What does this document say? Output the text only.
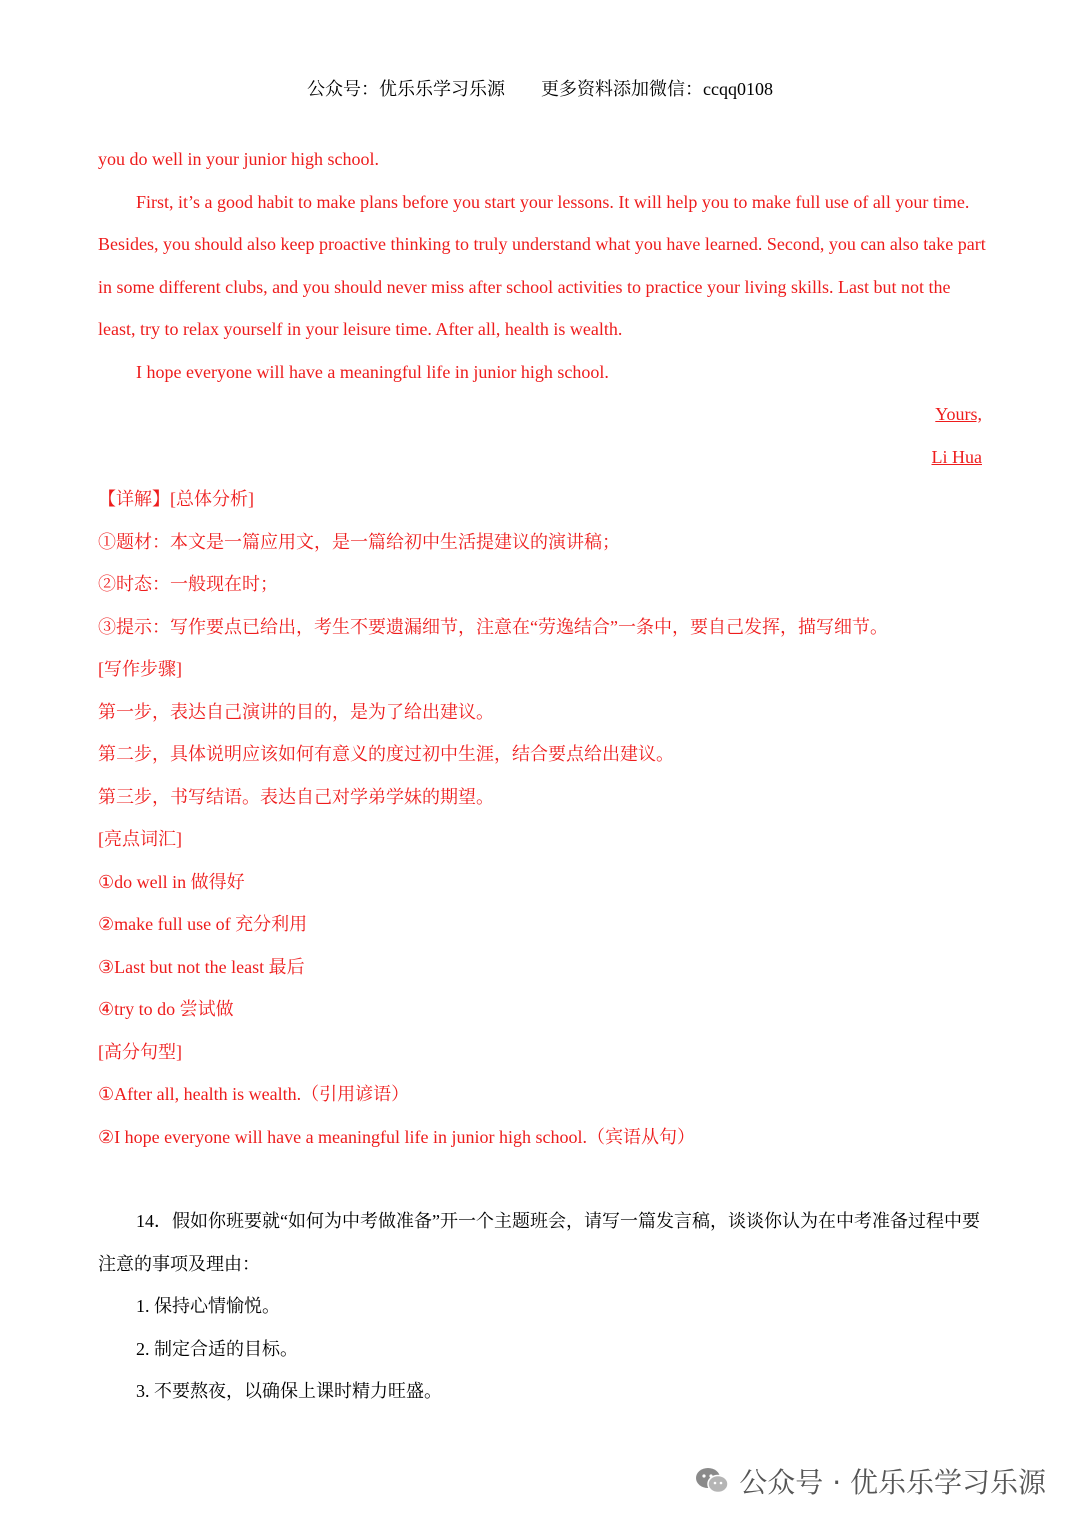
公众号：优乐乐学习乐源 更多资料添加微信：ccqq0108

you do well in your junior high school.

First, it’s a good habit to make plans before you start your lessons. It will help you to make full use of all your time. Besides, you should also keep proactive thinking to truly understand what you have learned. Second, you can also take part in some different clubs, and you should never miss after school activities to practice your living skills. Last but not the least, try to relax yourself in your leisure time. After all, health is wealth.

I hope everyone will have a meaningful life in junior high school.

Yours,

Li Hua

【详解】[总体分析]

①题材：本文是一篇应用文，是一篇给初中生活提建议的演讲稿；

②时态：一般现在时；

③提示：写作要点已给出，考生不要遗漏细节，注意在“劳逸结合”一条中，要自己发挥，描写细节。

[写作步骤]

第一步，表达自己演讲的目的，是为了给出建议。

第二步，具体说明应该如何有意义的度过初中生涯，结合要点给出建议。

第三步，书写结语。表达自己对学弟学妹的期望。

[亮点词汇]

①do well in 做得好

②make full use of 充分利用

③Last but not the least 最后

④try to do 尝试做

[高分句型]

①After all, health is wealth.（引用谚语）

②I hope everyone will have a meaningful life in junior high school.（宾语从句）

14．假如你班要就“如何为中考做准备”开一个主题班会，请写一篇发言稿，谈谈你认为在中考准备过程中要注意的事项及理由：

1. 保持心情愉悦。

2. 制定合适的目标。

3. 不要熬夜，以确保上课时精力旺盛。

公众号 · 优乐乐学习乐源
